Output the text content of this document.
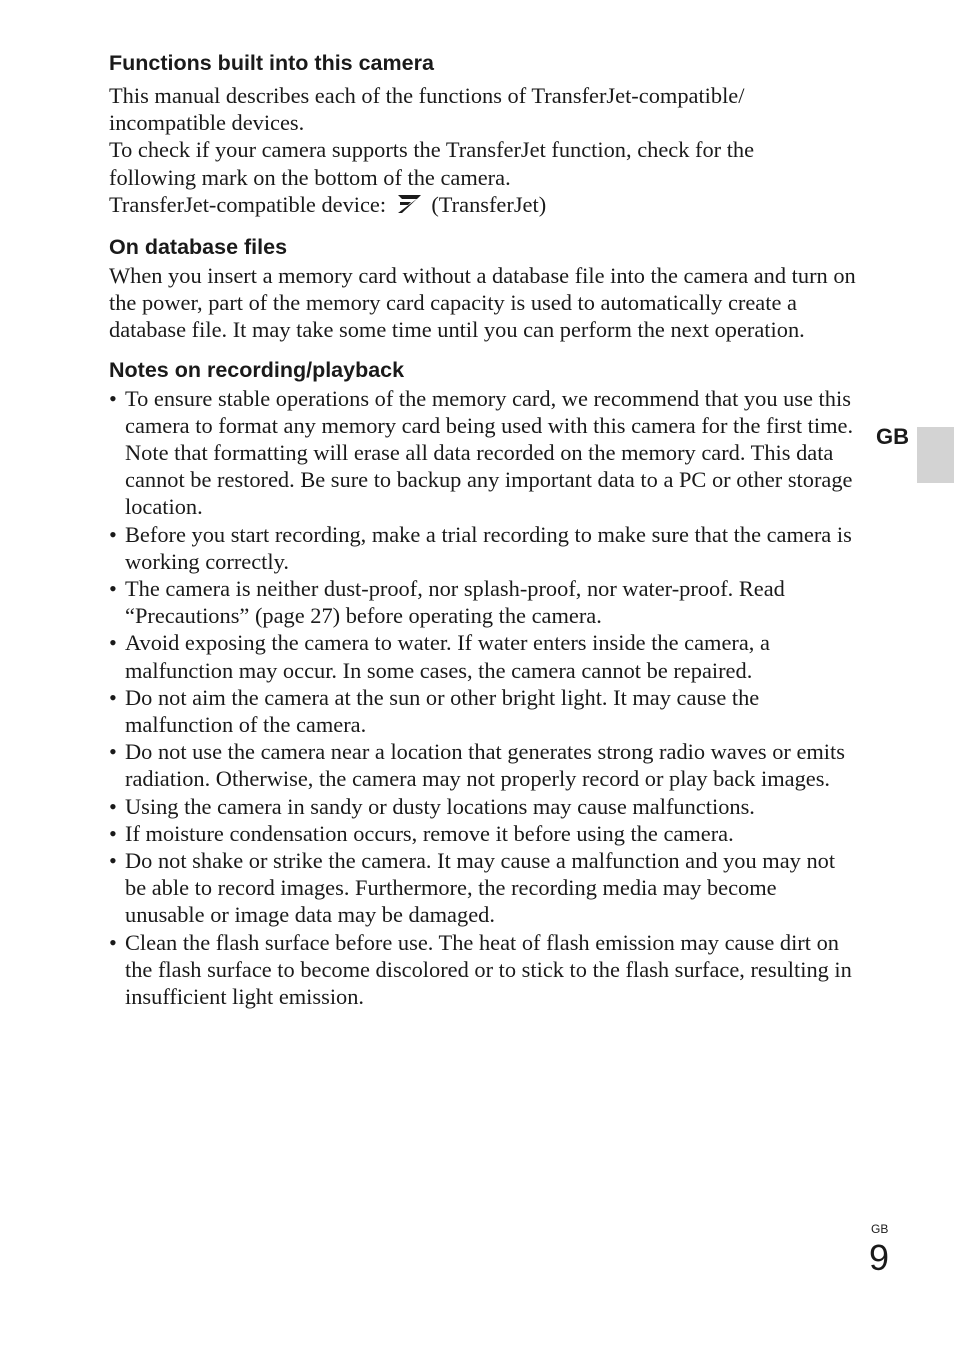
Functions built into this camera

This manual describes each of the functions of TransferJet-compatible/

incompatible devices.

To check if your camera supports the TransferJet function, check for the

following mark on the bottom of the camera.

TransferJet-compatible device: (TransferJet)

On database files

When you insert a memory card without a database file into the camera and turn on the power, part of the memory card capacity is used to automatically create a database file. It may take some time until you can perform the next operation.

Notes on recording/playback
• To ensure stable operations of the memory card, we recommend that you use this camera to format any memory card being used with this camera for the first time. Note that formatting will erase all data recorded on the memory card. This data cannot be restored. Be sure to backup any important data to a PC or other storage location.
• Before you start recording, make a trial recording to make sure that the camera is working correctly.
• The camera is neither dust-proof, nor splash-proof, nor water-proof. Read “Precautions” (page 27) before operating the camera.
• Avoid exposing the camera to water. If water enters inside the camera, a malfunction may occur. In some cases, the camera cannot be repaired.
• Do not aim the camera at the sun or other bright light. It may cause the malfunction of the camera.
• Do not use the camera near a location that generates strong radio waves or emits radiation. Otherwise, the camera may not properly record or play back images.
• Using the camera in sandy or dusty locations may cause malfunctions.
• If moisture condensation occurs, remove it before using the camera.
• Do not shake or strike the camera. It may cause a malfunction and you may not be able to record images. Furthermore, the recording media may become unusable or image data may be damaged.
• Clean the flash surface before use. The heat of flash emission may cause dirt on the flash surface to become discolored or to stick to the flash surface, resulting in insufficient light emission.
GB
GB
9
